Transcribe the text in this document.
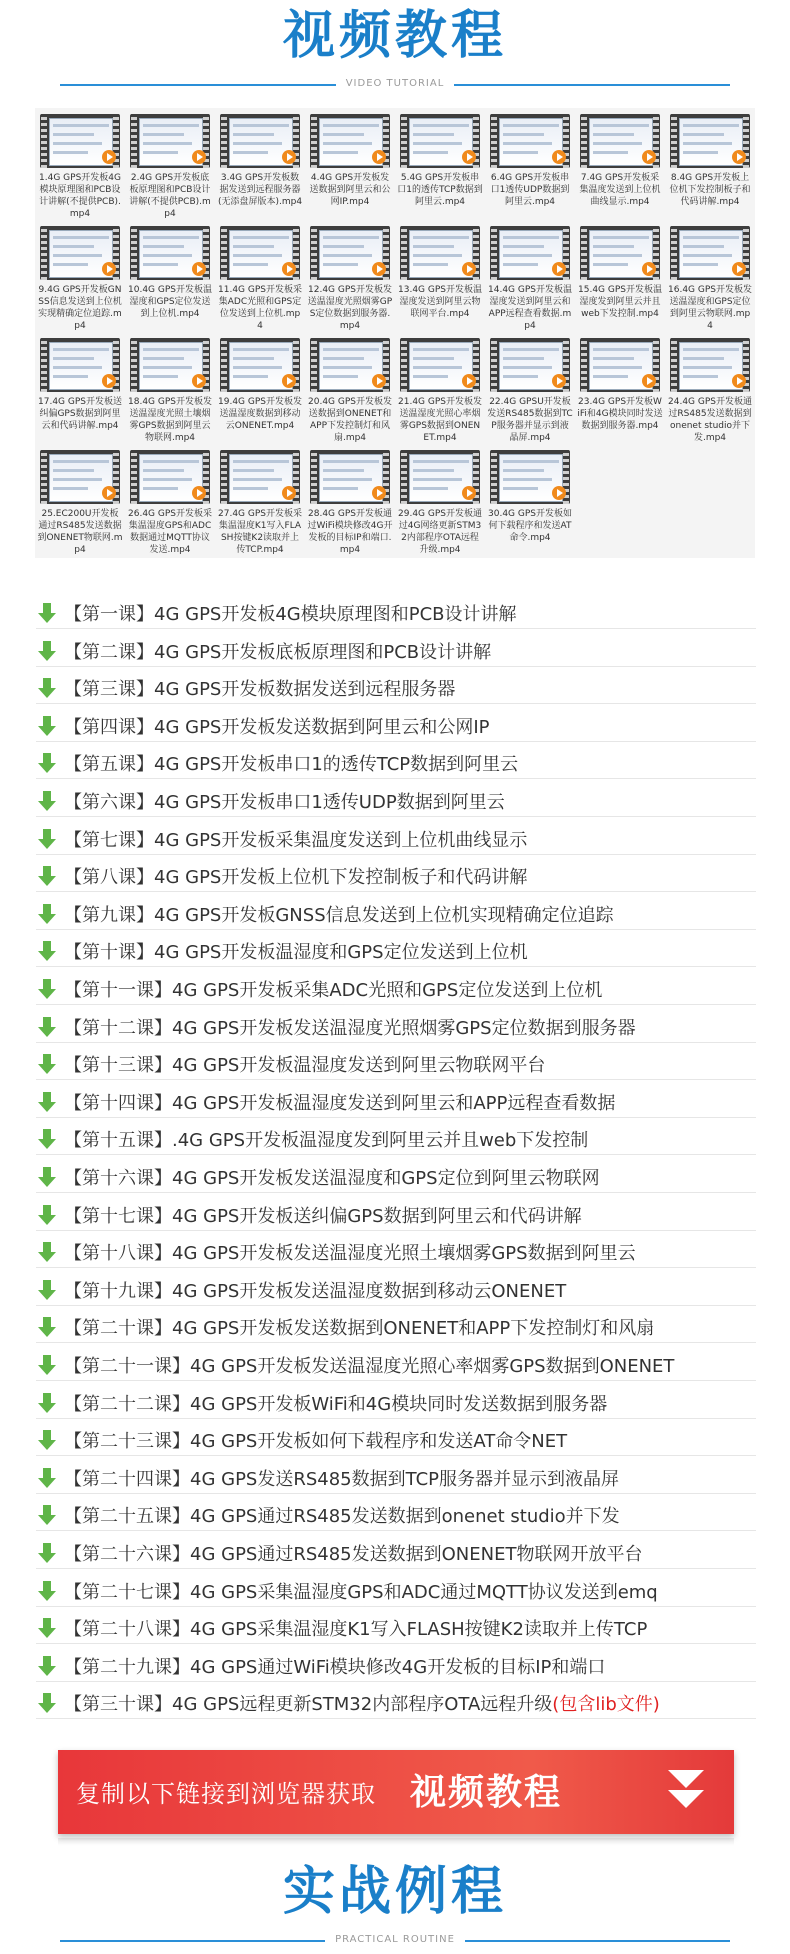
视频教程
VIDEO TUTORIAL
1.4G GPS开发板4G模块原理图和PCB设计讲解(不提供PCB).mp4
2.4G GPS开发板底板原理图和PCB设计讲解(不提供PCB).mp4
3.4G GPS开发板数据发送到远程服务器(无添盘屏版本).mp4
4.4G GPS开发板发送数据到阿里云和公网IP.mp4
5.4G GPS开发板串口1的透传TCP数据到阿里云.mp4
6.4G GPS开发板串口1透传UDP数据到阿里云.mp4
7.4G GPS开发板采集温度发送到上位机曲线显示.mp4
8.4G GPS开发板上位机下发控制板子和代码讲解.mp4
9.4G GPS开发板GNSS信息发送到上位机实现精确定位追踪.mp4
10.4G GPS开发板温湿度和GPS定位发送到上位机.mp4
11.4G GPS开发板采集ADC光照和GPS定位发送到上位机.mp4
12.4G GPS开发板发送温湿度光照烟雾GPS定位数据到服务器.mp4
13.4G GPS开发板温湿度发送到阿里云物联网平台.mp4
14.4G GPS开发板温湿度发送到阿里云和APP远程查看数据.mp4
15.4G GPS开发板温湿度发到阿里云并且web下发控制.mp4
16.4G GPS开发板发送温湿度和GPS定位到阿里云物联网.mp4
17.4G GPS开发板送纠偏GPS数据到阿里云和代码讲解.mp4
18.4G GPS开发板发送温湿度光照土壤烟雾GPS数据到阿里云物联网.mp4
19.4G GPS开发板发送温湿度数据到移动云ONENET.mp4
20.4G GPS开发板发送数据到ONENET和APP下发控制灯和风扇.mp4
21.4G GPS开发板发送温湿度光照心率烟雾GPS数据到ONENET.mp4
22.4G GPSU开发板发送RS485数据到TCP服务器并显示到液晶屏.mp4
23.4G GPS开发板WiFi和4G模块同时发送数据到服务器.mp4
24.4G GPS开发板通过RS485发送数据到onenet studio并下发.mp4
25.EC200U开发板通过RS485发送数据到ONENET物联网.mp4
26.4G GPS开发板采集温湿度GPS和ADC数据通过MQTT协议发送.mp4
27.4G GPS开发板采集温湿度K1写入FLASH按键K2读取并上传TCP.mp4
28.4G GPS开发板通过WiFi模块修改4G开发板的目标IP和端口.mp4
29.4G GPS开发板通过4G网络更新STM32内部程序OTA远程升级.mp4
30.4G GPS开发板如何下载程序和发送AT命令.mp4
【第一课】4G GPS开发板4G模块原理图和PCB设计讲解
【第二课】4G GPS开发板底板原理图和PCB设计讲解
【第三课】4G GPS开发板数据发送到远程服务器
【第四课】4G GPS开发板发送数据到阿里云和公网IP
【第五课】4G GPS开发板串口1的透传TCP数据到阿里云
【第六课】4G GPS开发板串口1透传UDP数据到阿里云
【第七课】4G GPS开发板采集温度发送到上位机曲线显示
【第八课】4G GPS开发板上位机下发控制板子和代码讲解
【第九课】4G GPS开发板GNSS信息发送到上位机实现精确定位追踪
【第十课】4G GPS开发板温湿度和GPS定位发送到上位机
【第十一课】4G GPS开发板采集ADC光照和GPS定位发送到上位机
【第十二课】4G GPS开发板发送温湿度光照烟雾GPS定位数据到服务器
【第十三课】4G GPS开发板温湿度发送到阿里云物联网平台
【第十四课】4G GPS开发板温湿度发送到阿里云和APP远程查看数据
【第十五课】.4G GPS开发板温湿度发到阿里云并且web下发控制
【第十六课】4G GPS开发板发送温湿度和GPS定位到阿里云物联网
【第十七课】4G GPS开发板送纠偏GPS数据到阿里云和代码讲解
【第十八课】4G GPS开发板发送温湿度光照土壤烟雾GPS数据到阿里云
【第十九课】4G GPS开发板发送温湿度数据到移动云ONENET
【第二十课】4G GPS开发板发送数据到ONENET和APP下发控制灯和风扇
【第二十一课】4G GPS开发板发送温湿度光照心率烟雾GPS数据到ONENET
【第二十二课】4G GPS开发板WiFi和4G模块同时发送数据到服务器
【第二十三课】4G GPS开发板如何下载程序和发送AT命令NET
【第二十四课】4G GPS发送RS485数据到TCP服务器并显示到液晶屏
【第二十五课】4G GPS通过RS485发送数据到onenet studio并下发
【第二十六课】4G GPS通过RS485发送数据到ONENET物联网开放平台
【第二十七课】4G GPS采集温湿度GPS和ADC通过MQTT协议发送到emq
【第二十八课】4G GPS采集温湿度K1写入FLASH按键K2读取并上传TCP
【第二十九课】4G GPS通过WiFi模块修改4G开发板的目标IP和端口
【第三十课】4G GPS远程更新STM32内部程序OTA远程升级(包含lib文件)
复制以下链接到浏览器获取 视频教程
实战例程
PRACTICAL ROUTINE
